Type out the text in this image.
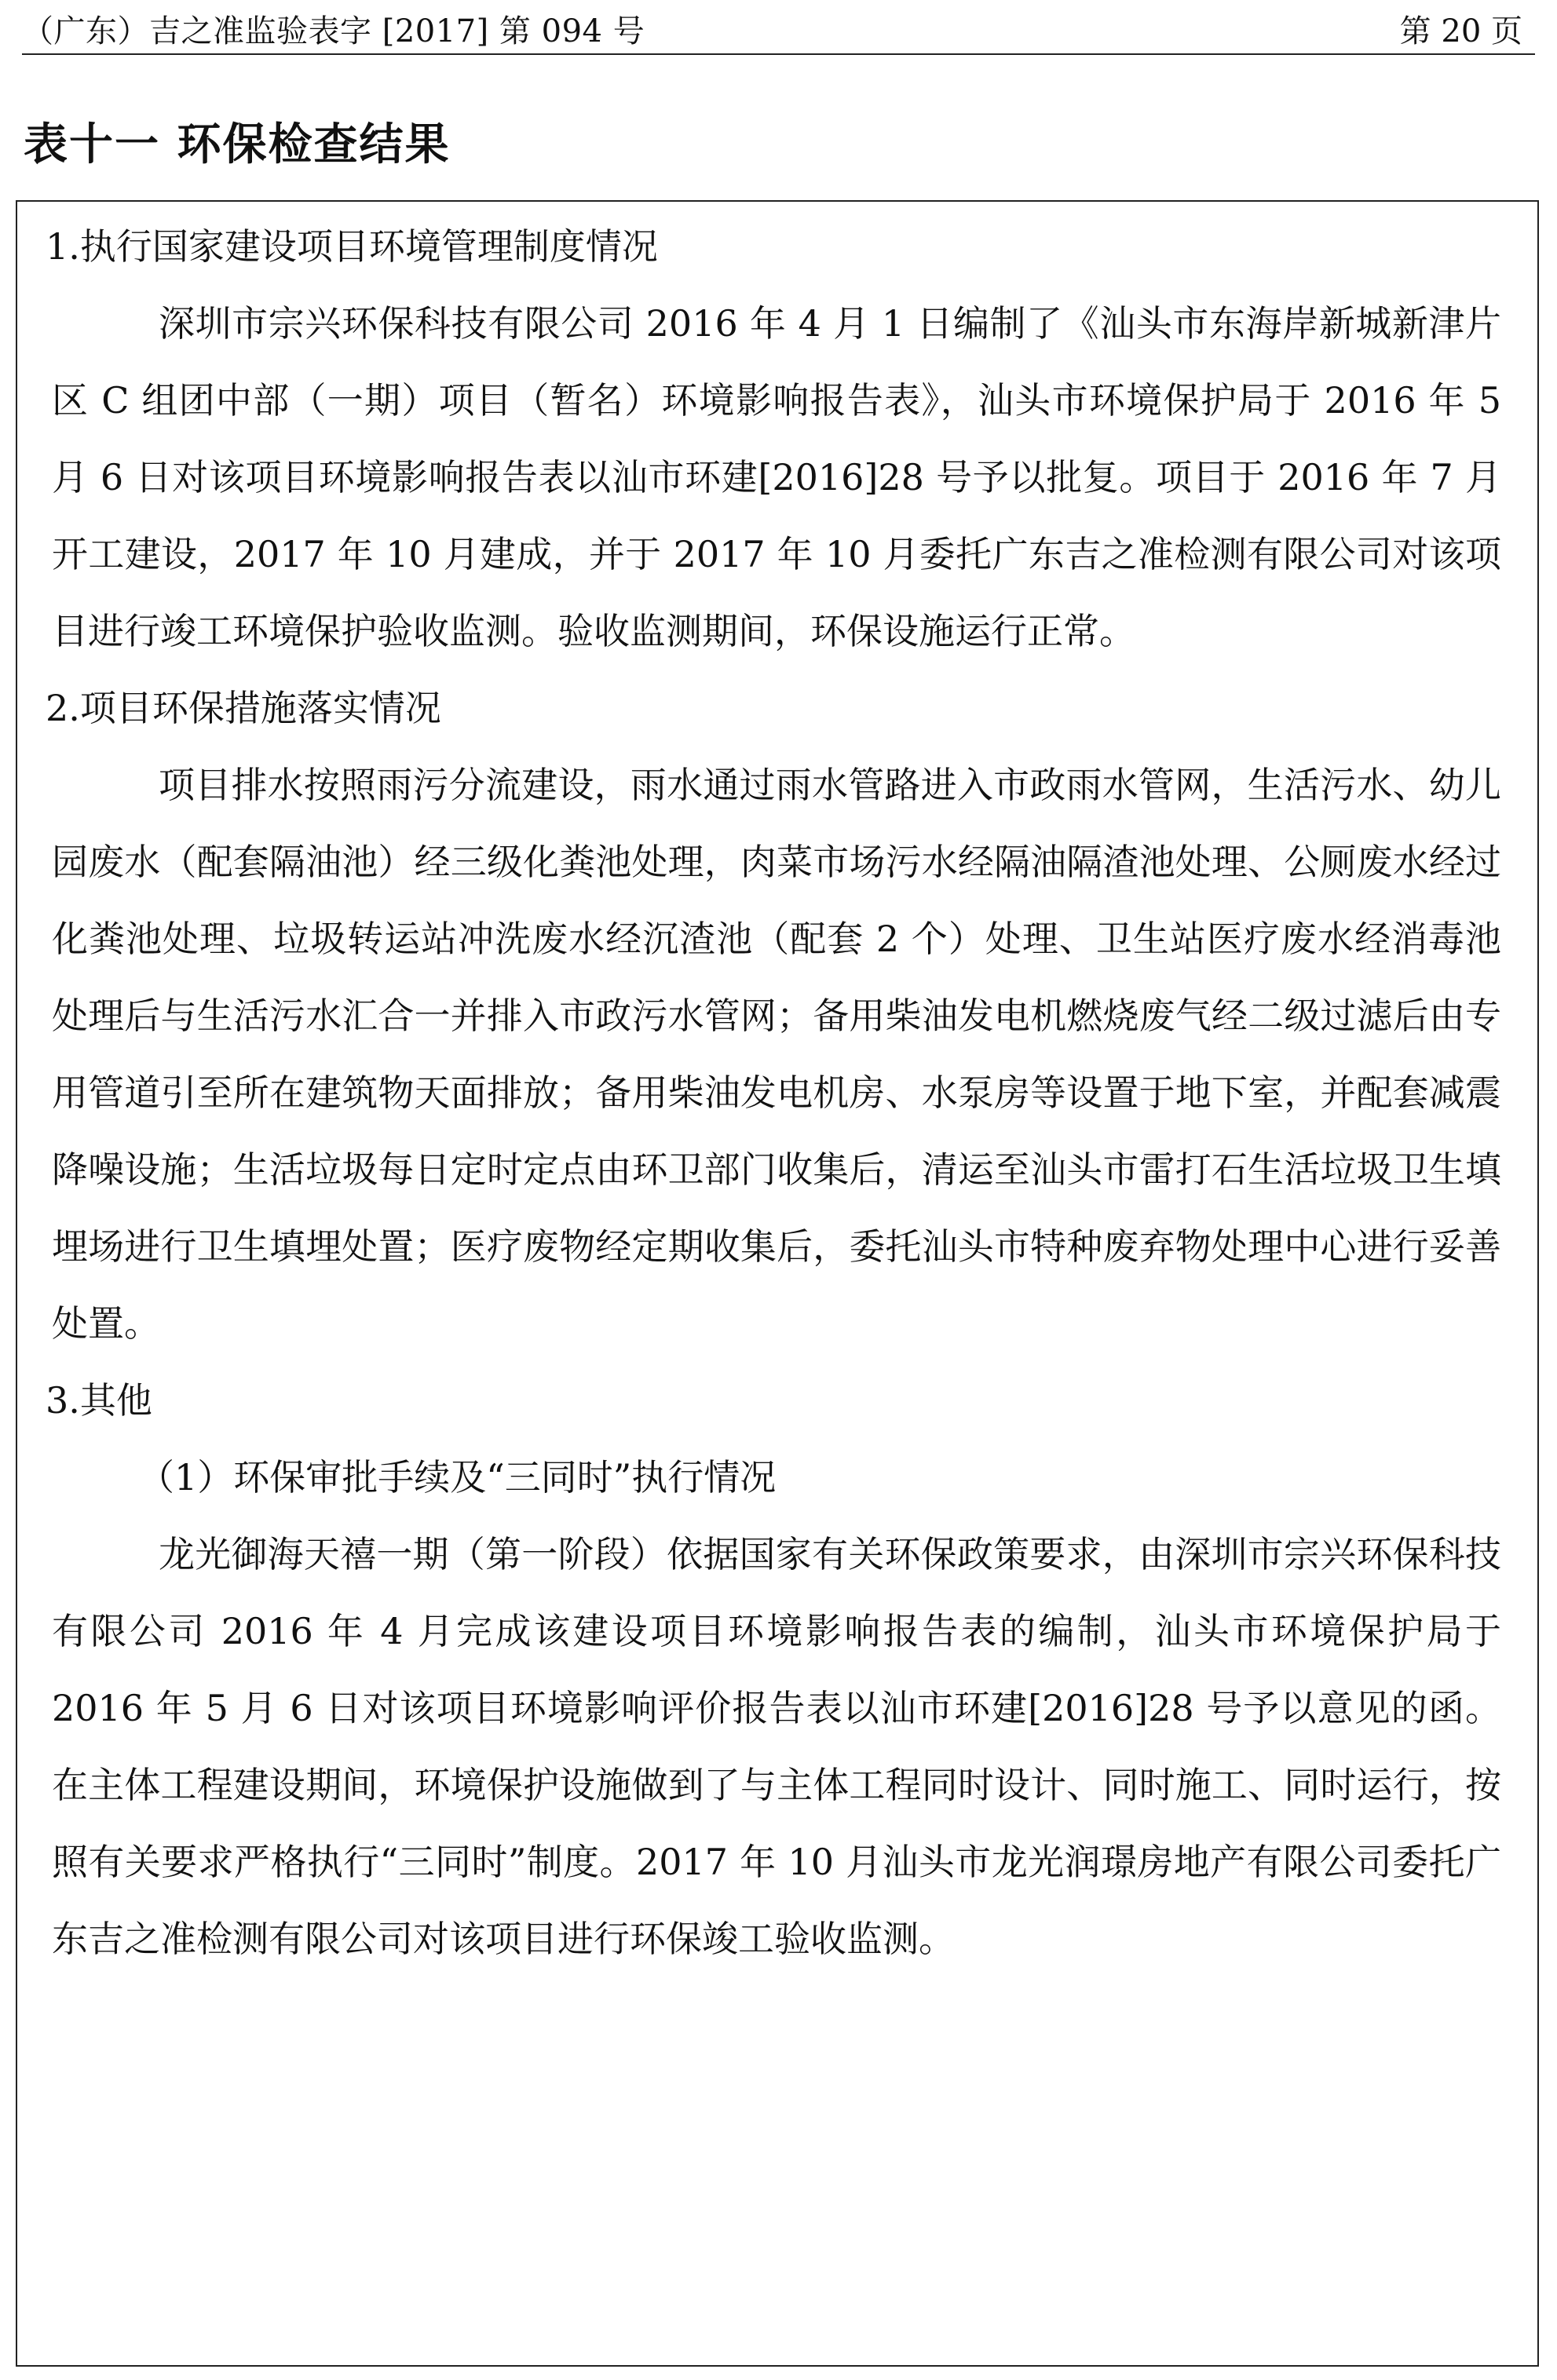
（广东）吉之准监验表字 [2017] 第 094 号	第 20 页
表十一 环保检查结果

1.执行国家建设项目环境管理制度情况

深圳市宗兴环保科技有限公司 2016 年 4 月 1 日编制了《汕头市东海岸新城新津片区 C 组团中部（一期）项目（暂名）环境影响报告表》，汕头市环境保护局于 2016 年 5 月 6 日对该项目环境影响报告表以汕市环建[2016]28 号予以批复。项目于 2016 年 7 月开工建设，2017 年 10 月建成，并于 2017 年 10 月委托广东吉之准检测有限公司对该项目进行竣工环境保护验收监测。验收监测期间，环保设施运行正常。

2.项目环保措施落实情况

项目排水按照雨污分流建设，雨水通过雨水管路进入市政雨水管网，生活污水、幼儿园废水（配套隔油池）经三级化粪池处理，肉菜市场污水经隔油隔渣池处理、公厕废水经过化粪池处理、垃圾转运站冲洗废水经沉渣池（配套 2 个）处理、卫生站医疗废水经消毒池处理后与生活污水汇合一并排入市政污水管网；备用柴油发电机燃烧废气经二级过滤后由专用管道引至所在建筑物天面排放；备用柴油发电机房、水泵房等设置于地下室，并配套减震降噪设施；生活垃圾每日定时定点由环卫部门收集后，清运至汕头市雷打石生活垃圾卫生填埋场进行卫生填埋处置；医疗废物经定期收集后，委托汕头市特种废弃物处理中心进行妥善处置。

3.其他

（1）环保审批手续及“三同时”执行情况

龙光御海天禧一期（第一阶段）依据国家有关环保政策要求，由深圳市宗兴环保科技有限公司 2016 年 4 月完成该建设项目环境影响报告表的编制，汕头市环境保护局于 2016 年 5 月 6 日对该项目环境影响评价报告表以汕市环建[2016]28 号予以意见的函。在主体工程建设期间，环境保护设施做到了与主体工程同时设计、同时施工、同时运行，按照有关要求严格执行“三同时”制度。2017 年 10 月汕头市龙光润璟房地产有限公司委托广东吉之准检测有限公司对该项目进行环保竣工验收监测。
